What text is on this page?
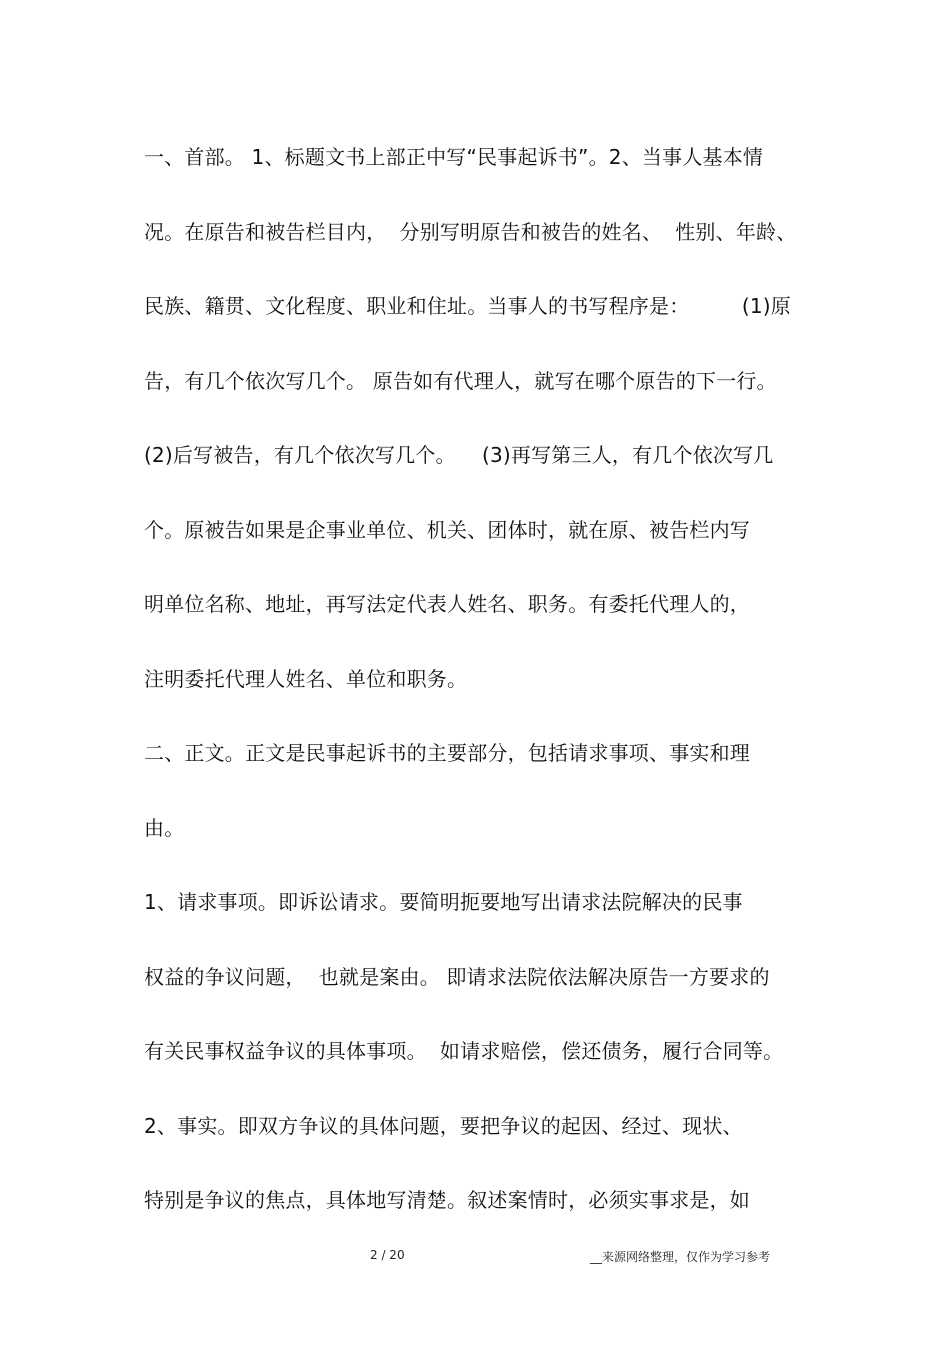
一、首部。 1、标题文书上部正中写“民事起诉书”。2、当事人基本情
况。在原告和被告栏目内，  分别写明原告和被告的姓名、  性别、年龄、
民族、籍贯、文化程度、职业和住址。当事人的书写程序是：        (1)原
告，有几个依次写几个。 原告如有代理人，就写在哪个原告的下一行。
(2)后写被告，有几个依次写几个。    (3)再写第三人，有几个依次写几
个。原被告如果是企事业单位、机关、团体时，就在原、被告栏内写
明单位名称、地址，再写法定代表人姓名、职务。有委托代理人的，
注明委托代理人姓名、单位和职务。
二、正文。正文是民事起诉书的主要部分，包括请求事项、事实和理
由。
1、请求事项。即诉讼请求。要简明扼要地写出请求法院解决的民事
权益的争议问题，  也就是案由。 即请求法院依法解决原告一方要求的
有关民事权益争议的具体事项。  如请求赔偿，偿还债务，履行合同等。
2、事实。即双方争议的具体问题，要把争议的起因、经过、现状、
特别是争议的焦点，具体地写清楚。叙述案情时，必须实事求是，如
2 / 20	__来源网络整理，仅作为学习参考
